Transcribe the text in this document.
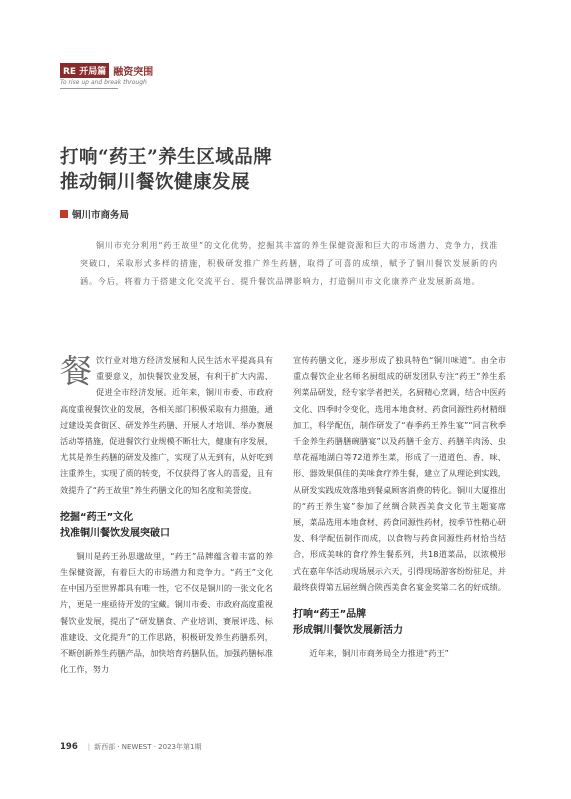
RE 开局篇 融资突围
To rise up and break through
打响“药王”养生区域品牌
推动铜川餐饮健康发展
铜川市商务局

铜川市充分利用“药王故里”的文化优势，挖掘其丰富的养生保健资源和巨大的市场潜力、竞争力，找准突破口，采取形式多样的措施，积极研发推广养生药膳，取得了可喜的成绩，赋予了铜川餐饮发展新的内涵。今后，将着力于搭建文化交流平台、提升餐饮品牌影响力，打造铜川市文化康养产业发展新高地。

餐饮行业对地方经济发展和人民生活水平提高具有重要意义，加快餐饮业发展，有利于扩大内需、促进全市经济发展。近年来，铜川市委、市政府高度重视餐饮业的发展，各相关部门积极采取有力措施，通过建设美食街区、研发养生药膳、开展人才培训、举办赛展活动等措施，促进餐饮行业规模不断壮大，健康有序发展，尤其是养生药膳的研发及推广，实现了从无到有，从好吃到注重养生，实现了质的转变，不仅获得了客人的喜爱，且有效提升了“药王故里”养生药膳文化的知名度和美誉度。

挖掘“药王”文化
找准铜川餐饮发展突破口

铜川是药王孙思邈故里，“药王”品牌蕴含着丰富的养生保健资源，有着巨大的市场潜力和竞争力。“药王”文化在中国乃至世界都具有唯一性，它不仅是铜川的一张文化名片，更是一座亟待开发的宝藏。铜川市委、市政府高度重视餐饮业发展，提出了“研发膳食、产业培训、赛展评选、标准建设、文化提升”的工作思路，积极研发养生药膳系列，不断创新养生药膳产品，加快培育药膳队伍，加强药膳标准化工作，努力

宣传药膳文化，逐步形成了独具特色“铜川味道”。由全市重点餐饮企业名师名厨组成的研发团队专注“药王”养生系列菜品研发，经专家学者把关，名厨精心烹调，结合中医药文化、四季时令变化，选用本地食材、药食同源性药材精细加工，科学配伍，制作研发了“春季药王养生宴”“同言秋季千金养生药膳膳碗膳宴”以及药膳千金方、药膳羊肉汤、虫草花福地湖白等72道养生菜，形成了一道道色、香、味、形、器效果俱佳的美味食疗养生餐，建立了从理论到实践，从研发实践成效落地到餐桌顾客消费的转化。铜川大厦推出的“药王养生宴”参加了丝绸合陕西美食文化节主题宴席展，菜品选用本地食材、药食同源性药材，按季节性精心研发、科学配伍制作而成，以食物与药食同源性药材恰当结合，形成美味的食疗养生餐系列，共18道菜品，以浓模形式在嘉年华活动现场展示六天，引得现场游客纷纷驻足，并最终获得第五届丝绸合陕西美食名宴金奖第二名的好成绩。

打响“药王”品牌
形成铜川餐饮发展新活力

近年来，铜川市商务局全力推进“药王”

196 | 新西部 · NEWEST · 2023年第1期
